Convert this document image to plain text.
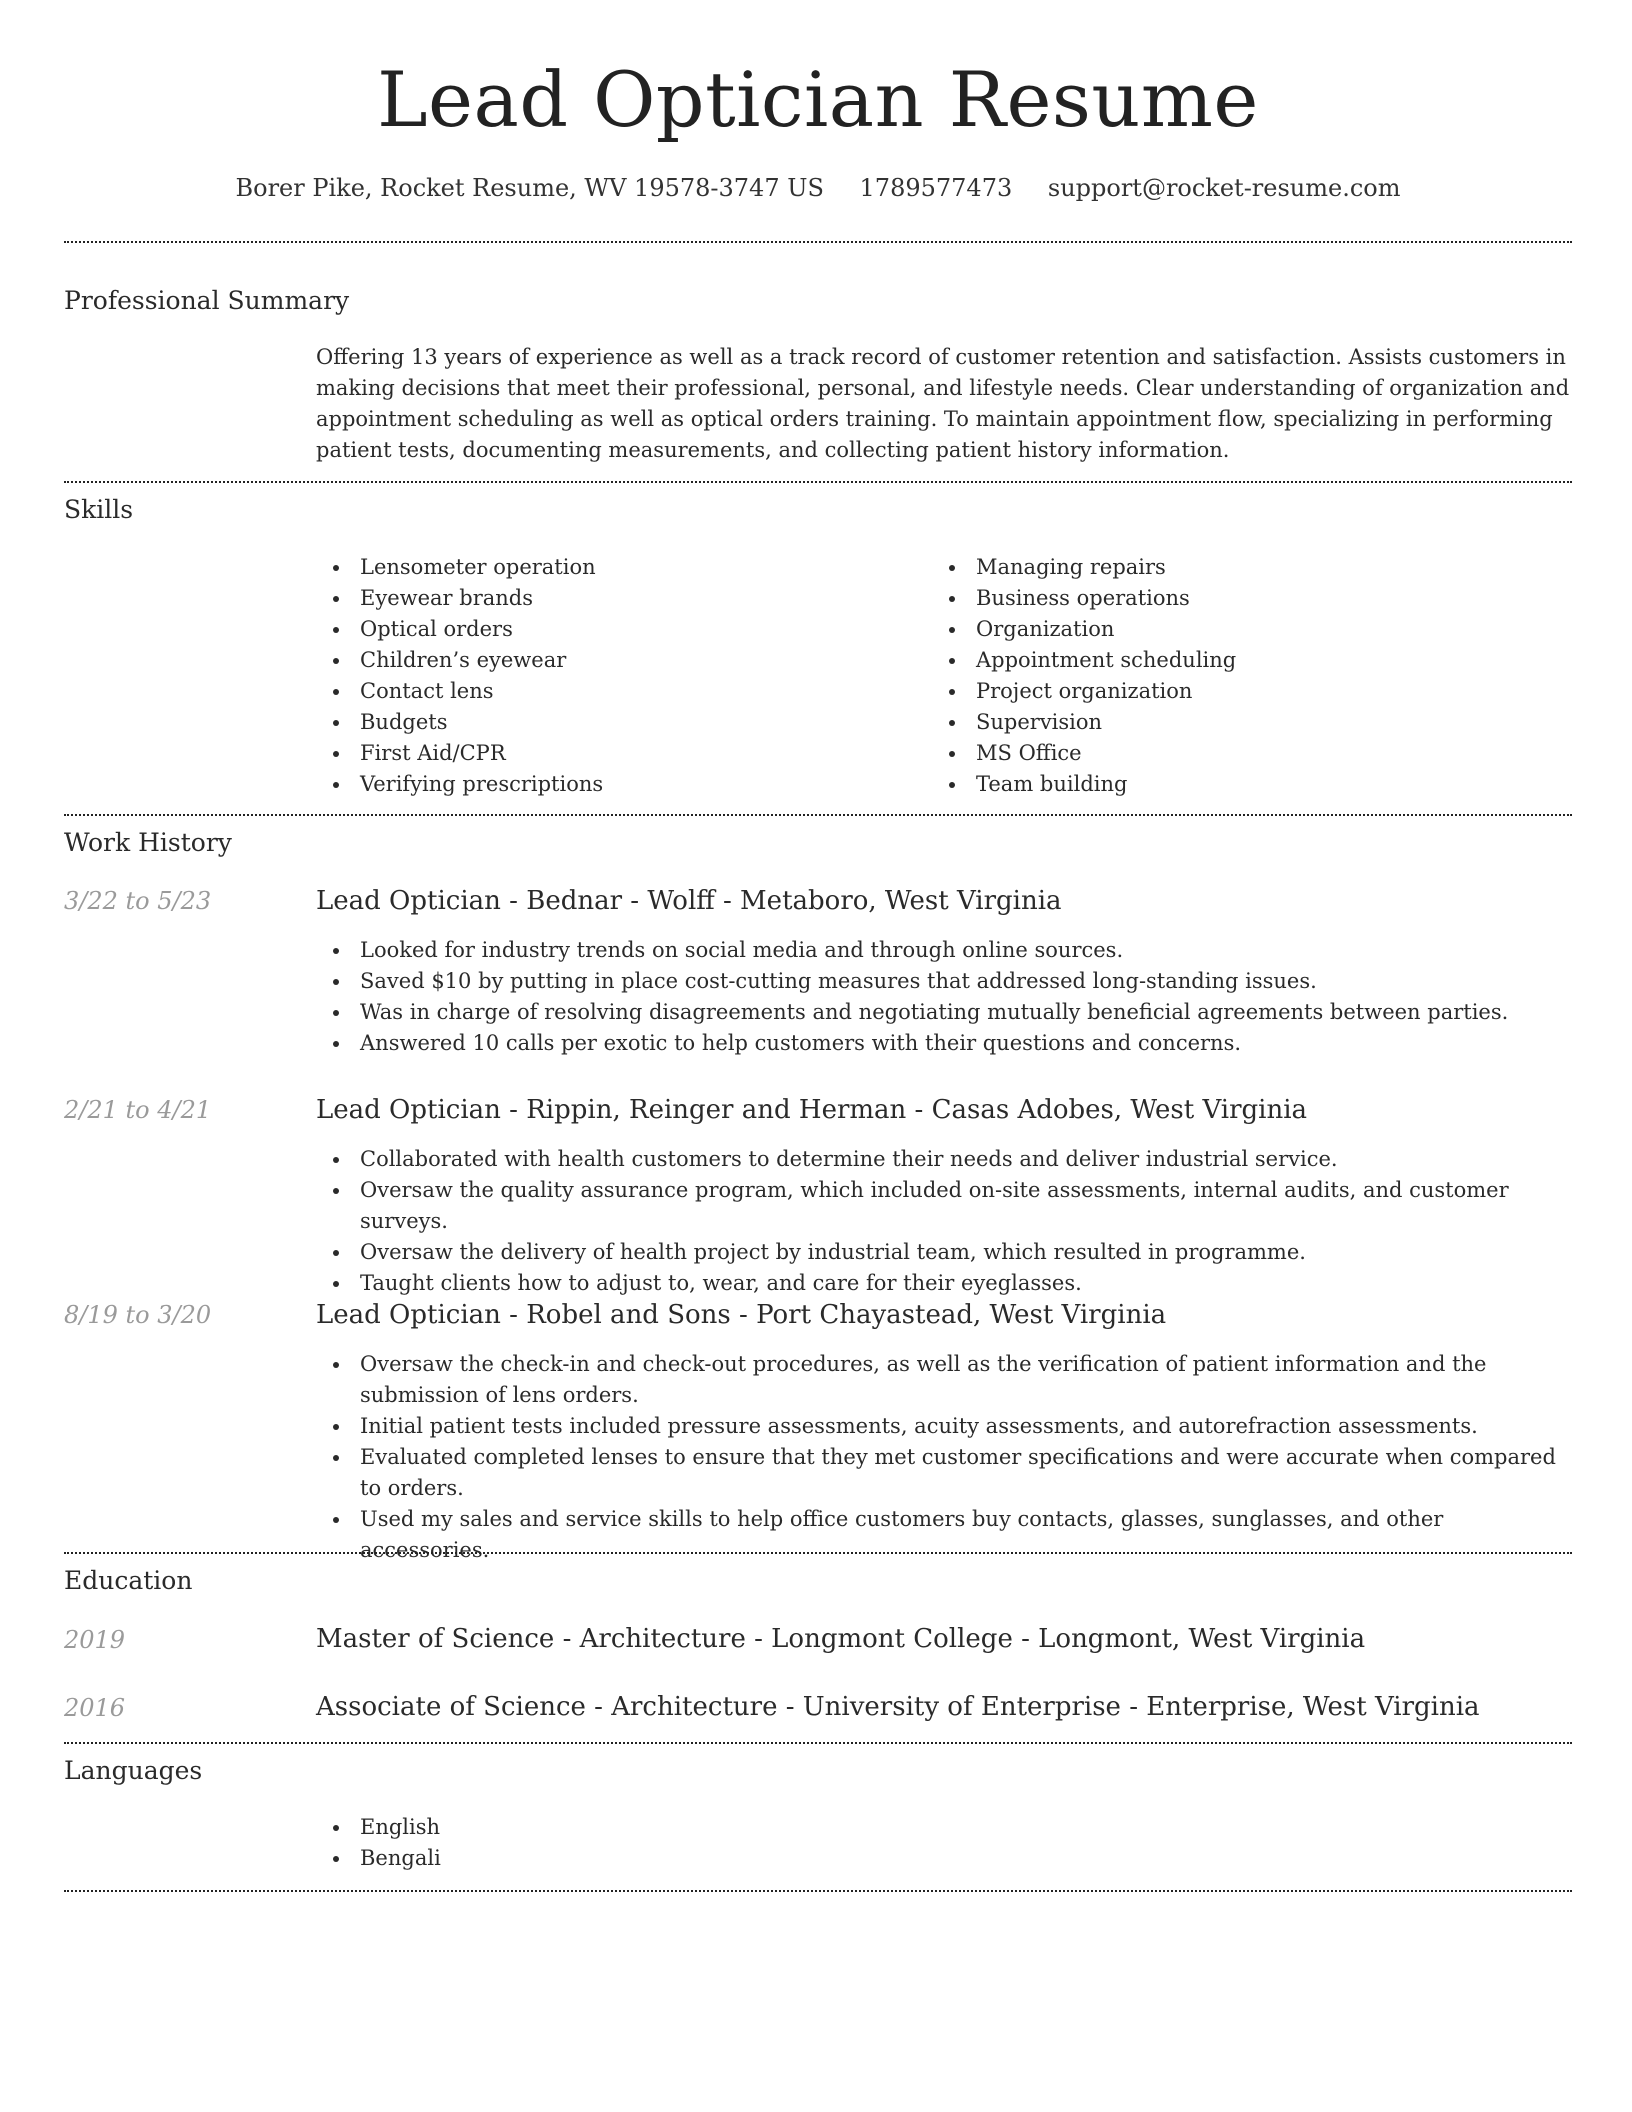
Lead Optician Resume
Borer Pike, Rocket Resume, WV 19578-3747 US 1789577473 support@rocket-resume.com
Professional Summary

Offering 13 years of experience as well as a track record of customer retention and satisfaction. Assists customers in making decisions that meet their professional, personal, and lifestyle needs. Clear understanding of organization and appointment scheduling as well as optical orders training. To maintain appointment flow, specializing in performing patient tests, documenting measurements, and collecting patient history information.

Skills
Lensometer operation
Eyewear brands
Optical orders
Children’s eyewear
Contact lens
Budgets
First Aid/CPR
Verifying prescriptions
Managing repairs
Business operations
Organization
Appointment scheduling
Project organization
Supervision
MS Office
Team building
Work History
3/22 to 5/23	Lead Optician - Bednar - Wolff - Metaboro, West Virginia
Looked for industry trends on social media and through online sources.
Saved $10 by putting in place cost-cutting measures that addressed long-standing issues.
Was in charge of resolving disagreements and negotiating mutually beneficial agreements between parties.
Answered 10 calls per exotic to help customers with their questions and concerns.
2/21 to 4/21	Lead Optician - Rippin, Reinger and Herman - Casas Adobes, West Virginia
Collaborated with health customers to determine their needs and deliver industrial service.
Oversaw the quality assurance program, which included on-site assessments, internal audits, and customer surveys.
Oversaw the delivery of health project by industrial team, which resulted in programme.
Taught clients how to adjust to, wear, and care for their eyeglasses.
8/19 to 3/20	Lead Optician - Robel and Sons - Port Chayastead, West Virginia
Oversaw the check-in and check-out procedures, as well as the verification of patient information and the submission of lens orders.
Initial patient tests included pressure assessments, acuity assessments, and autorefraction assessments.
Evaluated completed lenses to ensure that they met customer specifications and were accurate when compared to orders.
Used my sales and service skills to help office customers buy contacts, glasses, sunglasses, and other accessories.
Education
2019	Master of Science - Architecture - Longmont College - Longmont, West Virginia
2016	Associate of Science - Architecture - University of Enterprise - Enterprise, West Virginia
Languages
English
Bengali
